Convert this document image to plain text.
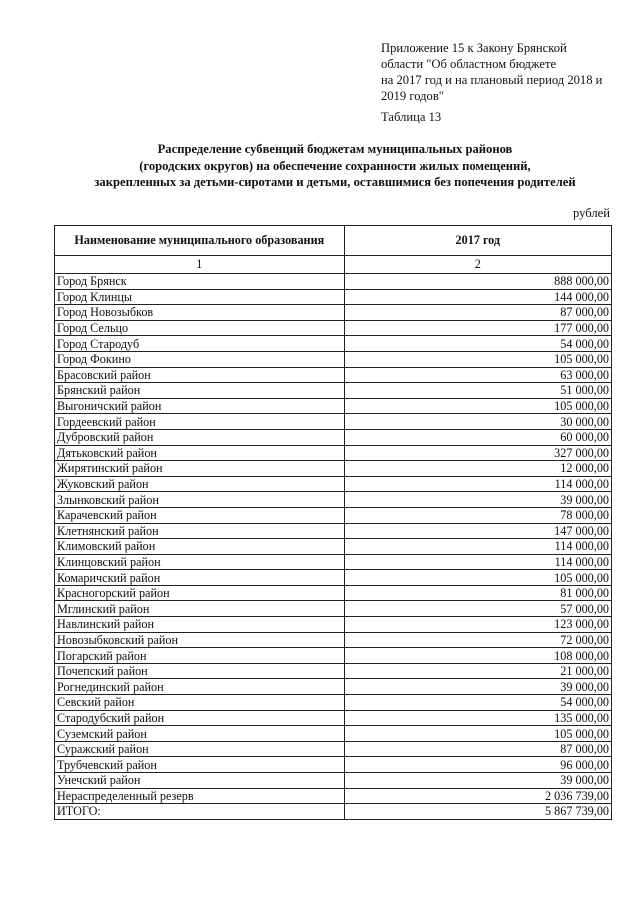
Приложение 15 к Закону Брянской
области "Об областном бюджете
на 2017 год и на плановый период 2018 и
2019 годов"
Таблица 13
Распределение субвенций бюджетам муниципальных районов
(городских округов) на обеспечение сохранности жилых помещений,
закрепленных за детьми-сиротами и детьми, оставшимися без попечения родителей
рублей
Наименование муниципального образования	2017 год
1	2
Город Брянск	888 000,00
Город Клинцы	144 000,00
Город Новозыбков	87 000,00
Город Сельцо	177 000,00
Город Стародуб	54 000,00
Город Фокино	105 000,00
Брасовский район	63 000,00
Брянский район	51 000,00
Выгоничский район	105 000,00
Гордеевский район	30 000,00
Дубровский район	60 000,00
Дятьковский район	327 000,00
Жирятинский район	12 000,00
Жуковский район	114 000,00
Злынковский район	39 000,00
Карачевский район	78 000,00
Клетнянский район	147 000,00
Климовский район	114 000,00
Клинцовский район	114 000,00
Комаричский район	105 000,00
Красногорский район	81 000,00
Мглинский район	57 000,00
Навлинский район	123 000,00
Новозыбковский район	72 000,00
Погарский район	108 000,00
Почепский район	21 000,00
Рогнединский район	39 000,00
Севский район	54 000,00
Стародубский район	135 000,00
Суземский район	105 000,00
Суражский район	87 000,00
Трубчевский район	96 000,00
Унечский район	39 000,00
Нераспределенный резерв	2 036 739,00
ИТОГО:	5 867 739,00
